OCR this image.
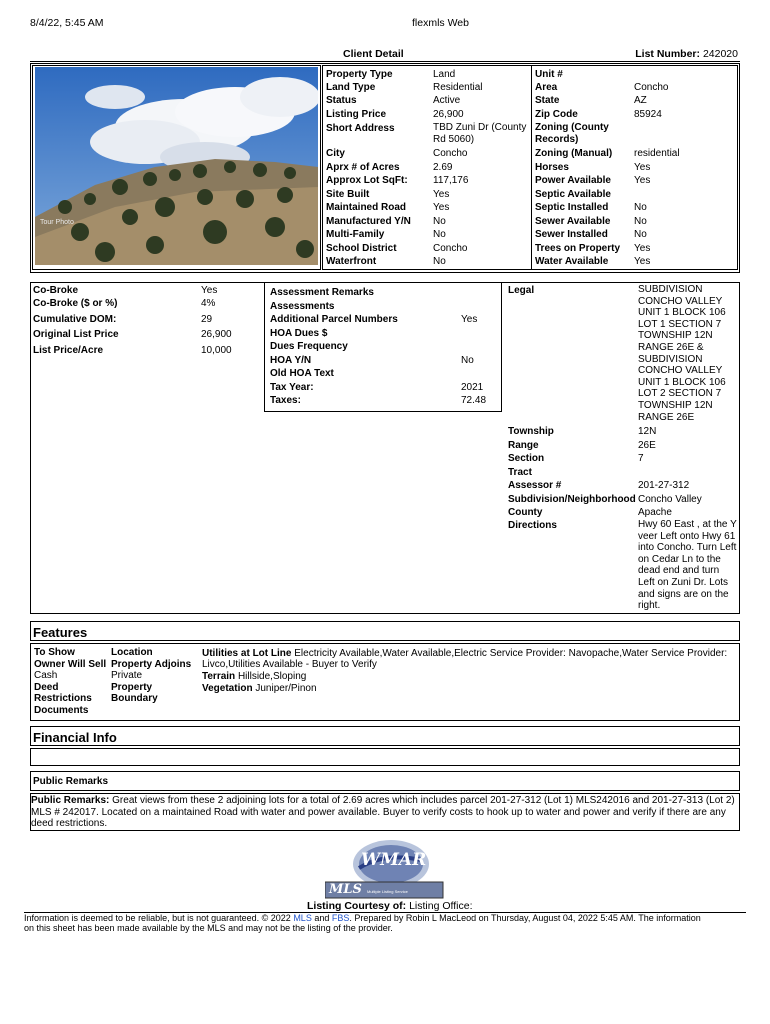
8/4/22, 5:45 AM	flexmls Web
Client Detail	List Number: 242020
Tour Photo
Property Type	Land
Land Type	Residential
Status	Active
Listing Price	26,900
Short Address	TBD Zuni Dr (County Rd 5060)
City	Concho
Aprx # of Acres	2.69
Approx Lot SqFt:	117,176
Site Built	Yes
Maintained Road	Yes
Manufactured Y/N No
Multi-Family	No
School District	Concho
Waterfront	No
Unit #
Area	Concho
State	AZ
Zip Code	85924
Zoning (County Records)
Zoning (Manual) residential
Horses	Yes
Power Available Yes
Septic Available
Septic Installed	No
Sewer Available No
Sewer Installed	No
Trees on Property Yes
Water Available	Yes
Co-Broke	Yes
Co-Broke ($ or %)	4%
Cumulative DOM:	29
Original List Price	26,900
List Price/Acre	10,000
Assessment Remarks
Assessments
Additional Parcel Numbers	Yes
HOA Dues $
Dues Frequency
HOA Y/N	No
Old HOA Text
Tax Year:	2021
Taxes:	72.48
Legal	SUBDIVISION
CONCHO VALLEY
UNIT 1 BLOCK 106
LOT 1 SECTION 7
TOWNSHIP 12N
RANGE 26E &
SUBDIVISION
CONCHO VALLEY
UNIT 1 BLOCK 106
LOT 2 SECTION 7
TOWNSHIP 12N
RANGE 26E
Township	12N
Range	26E
Section	7
Tract
Assessor #	201-27-312
Subdivision/Neighborhood Concho Valley
County	Apache
Directions	Hwy 60 East , at the Y
veer Left onto Hwy 61
into Concho. Turn Left
on Cedar Ln to the
dead end and turn
Left on Zuni Dr. Lots
and signs are on the
right.
Features
To Show
Owner Will Sell
Cash
Deed
Restrictions
Documents
Location
Property Adjoins
Private
Property
Boundary
Utilities at Lot Line Electricity Available,Water Available,Electric Service Provider: Navopache,Water Service Provider:
Livco,Utilities Available - Buyer to Verify
Terrain Hillside,Sloping
Vegetation Juniper/Pinon
Financial Info
Public Remarks
Public Remarks: Great views from these 2 adjoining lots for a total of 2.69 acres which includes parcel 201-27-312 (Lot 1) MLS242016 and 201-27-313 (Lot 2) MLS # 242017. Located on a maintained Road with water and power available. Buyer to verify costs to hook up to water and power and verify if there are any deed restrictions.
WMAR
MLS Multiple Listing Service
Listing Courtesy of: Listing Office:
Information is deemed to be reliable, but is not guaranteed. © 2022 MLS and FBS. Prepared by Robin L MacLeod on Thursday, August 04, 2022 5:45 AM. The information
on this sheet has been made available by the MLS and may not be the listing of the provider.
